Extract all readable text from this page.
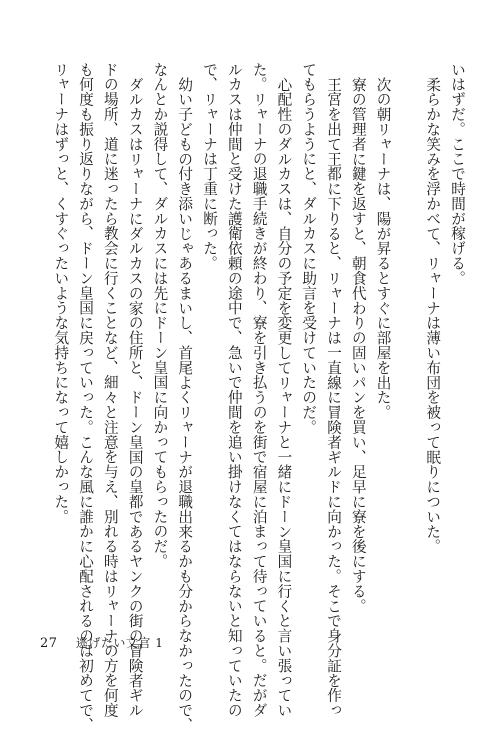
いはずだ。ここで時間が稼げる。
柔らかな笑みを浮かべて、リャーナは薄い布団を被って眠りについた。
次の朝リャーナは、陽が昇るとすぐに部屋を出た。
寮の管理者に鍵を返すと、朝食代わりの固いパンを買い、足早に寮を後にする。
王宮を出て王都に下りると、リャーナは一直線に冒険者ギルドに向かった。そこで身分証を作っ
てもらうようにと、ダルカスに助言を受けていたのだ。
心配性のダルカスは、自分の予定を変更してリャーナと一緒にドーン皇国に行くと言い張ってい
た。リャーナの退職手続きが終わり、寮を引き払うのを街で宿屋に泊まって待っていると。だがダ
ルカスは仲間と受けた護衛依頼の途中で、急いで仲間を追い掛けなくてはならないと知っていたの
で、リャーナは丁重に断った。
幼い子どもの付き添いじゃあるまいし、首尾よくリャーナが退職出来るかも分からなかったので、
なんとか説得して、ダルカスには先にドーン皇国に向かってもらったのだ。
ダルカスはリャーナにダルカスの家の住所と、ドーン皇国の皇都であるヤンクの街の冒険者ギル
ドの場所、道に迷ったら教会に行くことなど、細々と注意を与え、別れる時はリャーナの方を何度
も何度も振り返りながら、ドーン皇国に戻っていった。こんな風に誰かに心配されるのは初めてで、
リャーナはずっと、くすぐったいような気持ちになって嬉しかった。
27 逃げたい文官 1
